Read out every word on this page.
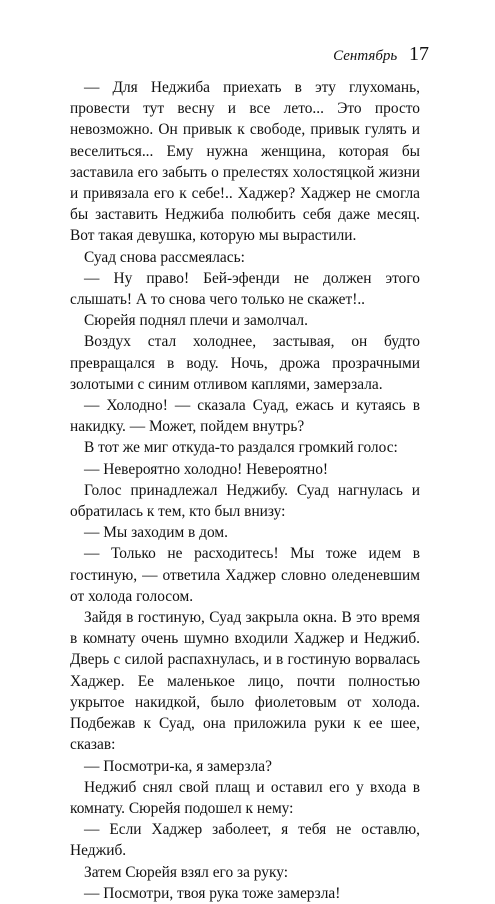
Сентябрь 17

— Для Неджиба приехать в эту глухомань, провести тут весну и все лето... Это просто невозможно. Он привык к свободе, привык гулять и веселиться... Ему нужна женщина, которая бы заставила его забыть о прелестях холостяцкой жизни и привязала его к себе!.. Хаджер? Хаджер не смогла бы заставить Неджиба полюбить себя даже месяц. Вот такая девушка, которую мы вырастили.

Суад снова рассмеялась:

— Ну право! Бей-эфенди не должен этого слышать! А то снова чего только не скажет!..

Сюрейя поднял плечи и замолчал.

Воздух стал холоднее, застывая, он будто превращался в воду. Ночь, дрожа прозрачными золотыми с синим отливом каплями, замерзала.

— Холодно! — сказала Суад, ежась и кутаясь в накидку. — Может, пойдем внутрь?

В тот же миг откуда-то раздался громкий голос:

— Невероятно холодно! Невероятно!

Голос принадлежал Неджибу. Суад нагнулась и обратилась к тем, кто был внизу:

— Мы заходим в дом.

— Только не расходитесь! Мы тоже идем в гостиную, — ответила Хаджер словно оледеневшим от холода голосом.

Зайдя в гостиную, Суад закрыла окна. В это время в комнату очень шумно входили Хаджер и Неджиб. Дверь с силой распахнулась, и в гостиную ворвалась Хаджер. Ее маленькое лицо, почти полностью укрытое накидкой, было фиолетовым от холода. Подбежав к Суад, она приложила руки к ее шее, сказав:

— Посмотри-ка, я замерзла?

Неджиб снял свой плащ и оставил его у входа в комнату. Сюрейя подошел к нему:

— Если Хаджер заболеет, я тебя не оставлю, Неджиб.

Затем Сюрейя взял его за руку:

— Посмотри, твоя рука тоже замерзла!
